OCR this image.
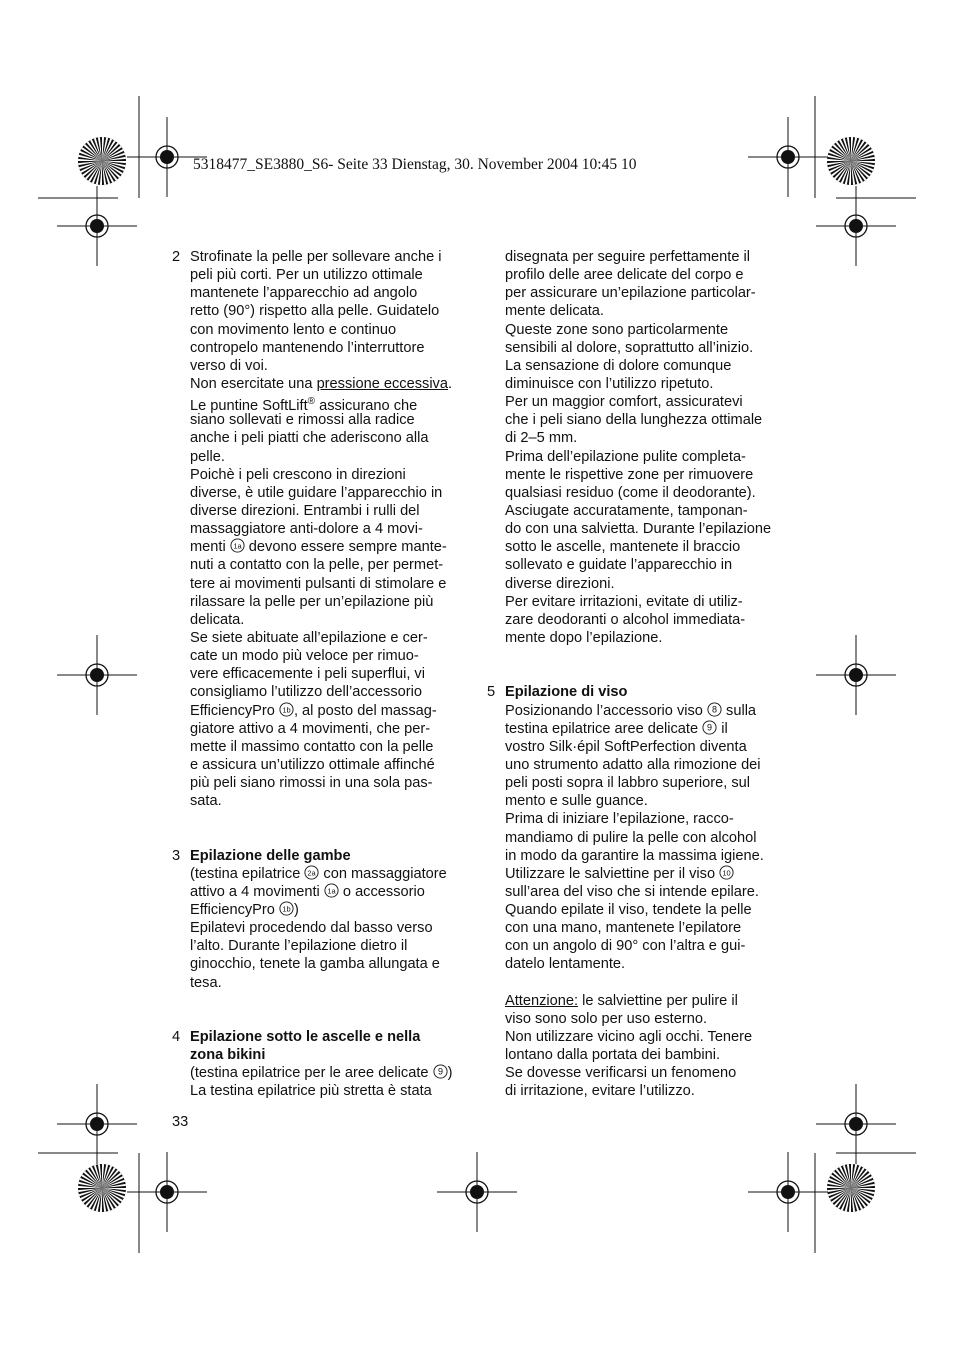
5318477_SE3880_S6- Seite 33 Dienstag, 30. November 2004 10:45 10
2 Strofinate la pelle per sollevare anche i
peli più corti. Per un utilizzo ottimale
mantenete l’apparecchio ad angolo
retto (90°) rispetto alla pelle. Guidatelo
con movimento lento e continuo
contropelo mantenendo l’interruttore
verso di voi.
Non esercitate una pressione eccessiva.
Le puntine SoftLift® assicurano che
siano sollevati e rimossi alla radice
anche i peli piatti che aderiscono alla
pelle.
Poichè i peli crescono in direzioni
diverse, è utile guidare l’apparecchio in
diverse direzioni. Entrambi i rulli del
massaggiatore anti-dolore a 4 movi-
menti 1a devono essere sempre mante-
nuti a contatto con la pelle, per permet-
tere ai movimenti pulsanti di stimolare e
rilassare la pelle per un’epilazione più
delicata.
Se siete abituate all’epilazione e cer-
cate un modo più veloce per rimuo-
vere efficacemente i peli superflui, vi
consigliamo l’utilizzo dell’accessorio
EfficiencyPro 1b , al posto del massag-
giatore attivo a 4 movimenti, che per-
mette il massimo contatto con la pelle
e assicura un’utilizzo ottimale affinché
più peli siano rimossi in una sola pas-
sata.
3 Epilazione delle gambe
(testina epilatrice 2a con massaggiatore
attivo a 4 movimenti 1a o accessorio
EfficiencyPro 1b )
Epilatevi procedendo dal basso verso
l’alto. Durante l’epilazione dietro il
ginocchio, tenete la gamba allungata e
tesa.
4 Epilazione sotto le ascelle e nella
zona bikini
(testina epilatrice per le aree delicate 9 )
La testina epilatrice più stretta è stata
disegnata per seguire perfettamente il
profilo delle aree delicate del corpo e
per assicurare un’epilazione particolar-
mente delicata.
Queste zone sono particolarmente
sensibili al dolore, soprattutto all’inizio.
La sensazione di dolore comunque
diminuisce con l’utilizzo ripetuto.
Per un maggior comfort, assicuratevi
che i peli siano della lunghezza ottimale
di 2–5 mm.
Prima dell’epilazione pulite completa-
mente le rispettive zone per rimuovere
qualsiasi residuo (come il deodorante).
Asciugate accuratamente, tamponan-
do con una salvietta. Durante l’epilazione
sotto le ascelle, mantenete il braccio
sollevato e guidate l’apparecchio in
diverse direzioni.
Per evitare irritazioni, evitate di utiliz-
zare deodoranti o alcohol immediata-
mente dopo l’epilazione.
5 Epilazione di viso
Posizionando l’accessorio viso 8 sulla
testina epilatrice aree delicate 9 il
vostro Silk·épil SoftPerfection diventa
uno strumento adatto alla rimozione dei
peli posti sopra il labbro superiore, sul
mento e sulle guance.
Prima di iniziare l’epilazione, racco-
mandiamo di pulire la pelle con alcohol
in modo da garantire la massima igiene.
Utilizzare le salviettine per il viso 10
sull’area del viso che si intende epilare.
Quando epilate il viso, tendete la pelle
con una mano, mantenete l’epilatore
con un angolo di 90° con l’altra e gui-
datelo lentamente.
Attenzione: le salviettine per pulire il
viso sono solo per uso esterno.
Non utilizzare vicino agli occhi. Tenere
lontano dalla portata dei bambini.
Se dovesse verificarsi un fenomeno
di irritazione, evitare l’utilizzo.
33
